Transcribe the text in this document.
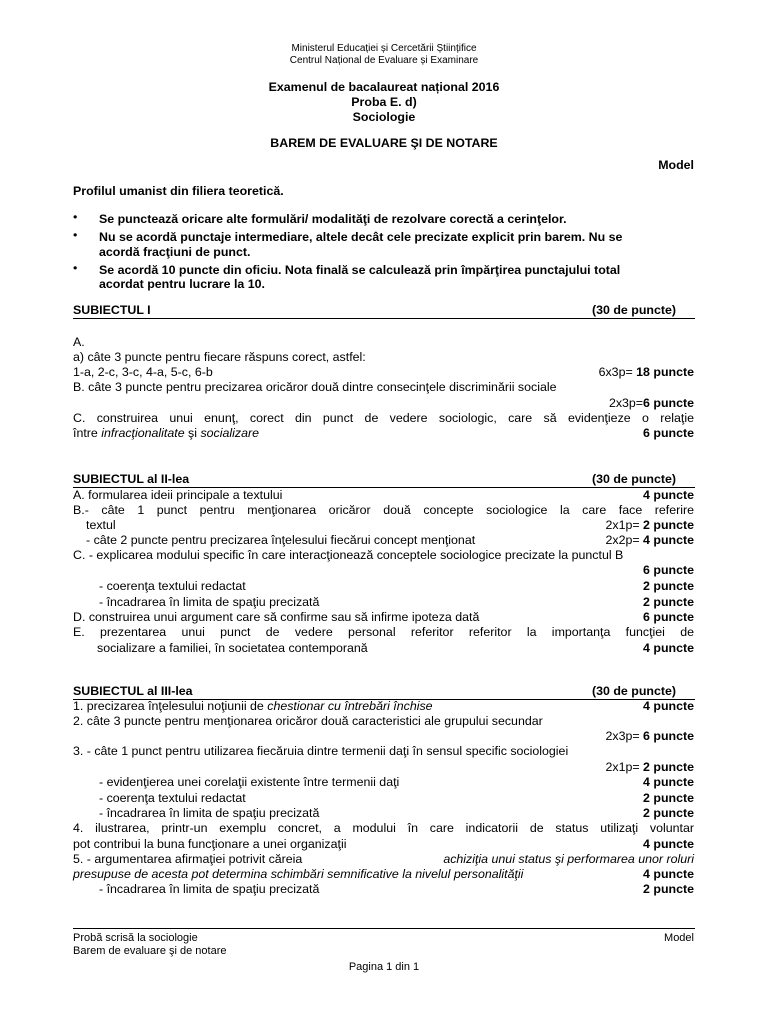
Ministerul Educației și Cercetării Științifice
Centrul Național de Evaluare și Examinare
Examenul de bacalaureat național 2016
Proba E. d)
Sociologie
BAREM DE EVALUARE ŞI DE NOTARE
Model
Profilul umanist din filiera teoretică.
• Se punctează oricare alte formulări/ modalităţi de rezolvare corectă a cerinţelor.
• Nu se acordă punctaje intermediare, altele decât cele precizate explicit prin barem. Nu se
acordă fracţiuni de punct.
• Se acordă 10 puncte din oficiu. Nota finală se calculează prin împărţirea punctajului total
acordat pentru lucrare la 10.
SUBIECTUL I	(30 de puncte)
A.
a) câte 3 puncte pentru fiecare răspuns corect, astfel:
1-a, 2-c, 3-c, 4-a, 5-c, 6-b	6x3p= 18 puncte
B. câte 3 puncte pentru precizarea oricăror două dintre consecinţele discriminării sociale
2x3p=6 puncte
C. construirea unui enunţ, corect din punct de vedere sociologic, care să evidenţieze o relaţie
între infracţionalitate şi socializare	6 puncte
SUBIECTUL al II-lea	(30 de puncte)
A. formularea ideii principale a textului	4 puncte
B.- câte 1 punct pentru menţionarea oricăror două concepte sociologice la care face referire
textul	2x1p= 2 puncte
- câte 2 puncte pentru precizarea înţelesului fiecărui concept menţionat	2x2p= 4 puncte
C. - explicarea modului specific în care interacţionează conceptele sociologice precizate la punctul B
6 puncte
- coerenţa textului redactat	2 puncte
- încadrarea în limita de spaţiu precizată	2 puncte
D. construirea unui argument care să confirme sau să infirme ipoteza dată	6 puncte
E. prezentarea unui punct de vedere personal referitor referitor la importanţa funcţiei de
socializare a familiei, în societatea contemporană	4 puncte
SUBIECTUL al III-lea	(30 de puncte)
1. precizarea înţelesului noţiunii de chestionar cu întrebări închise	4 puncte
2. câte 3 puncte pentru menţionarea oricăror două caracteristici ale grupului secundar
2x3p= 6 puncte
3. - câte 1 punct pentru utilizarea fiecăruia dintre termenii daţi în sensul specific sociologiei
2x1p= 2 puncte
- evidenţierea unei corelaţii existente între termenii daţi	4 puncte
- coerenţa textului redactat	2 puncte
- încadrarea în limita de spaţiu precizată	2 puncte
4. ilustrarea, printr-un exemplu concret, a modului în care indicatorii de status utilizaţi voluntar
pot contribui la buna funcţionare a unei organizaţii	4 puncte
5. - argumentarea afirmaţiei potrivit căreia	achiziţia unui status şi performarea unor roluri
presupuse de acesta pot determina schimbări semnificative la nivelul personalităţii	4 puncte
- încadrarea în limita de spaţiu precizată	2 puncte
Probă scrisă la sociologie
Barem de evaluare şi de notare
Model
Pagina 1 din 1
